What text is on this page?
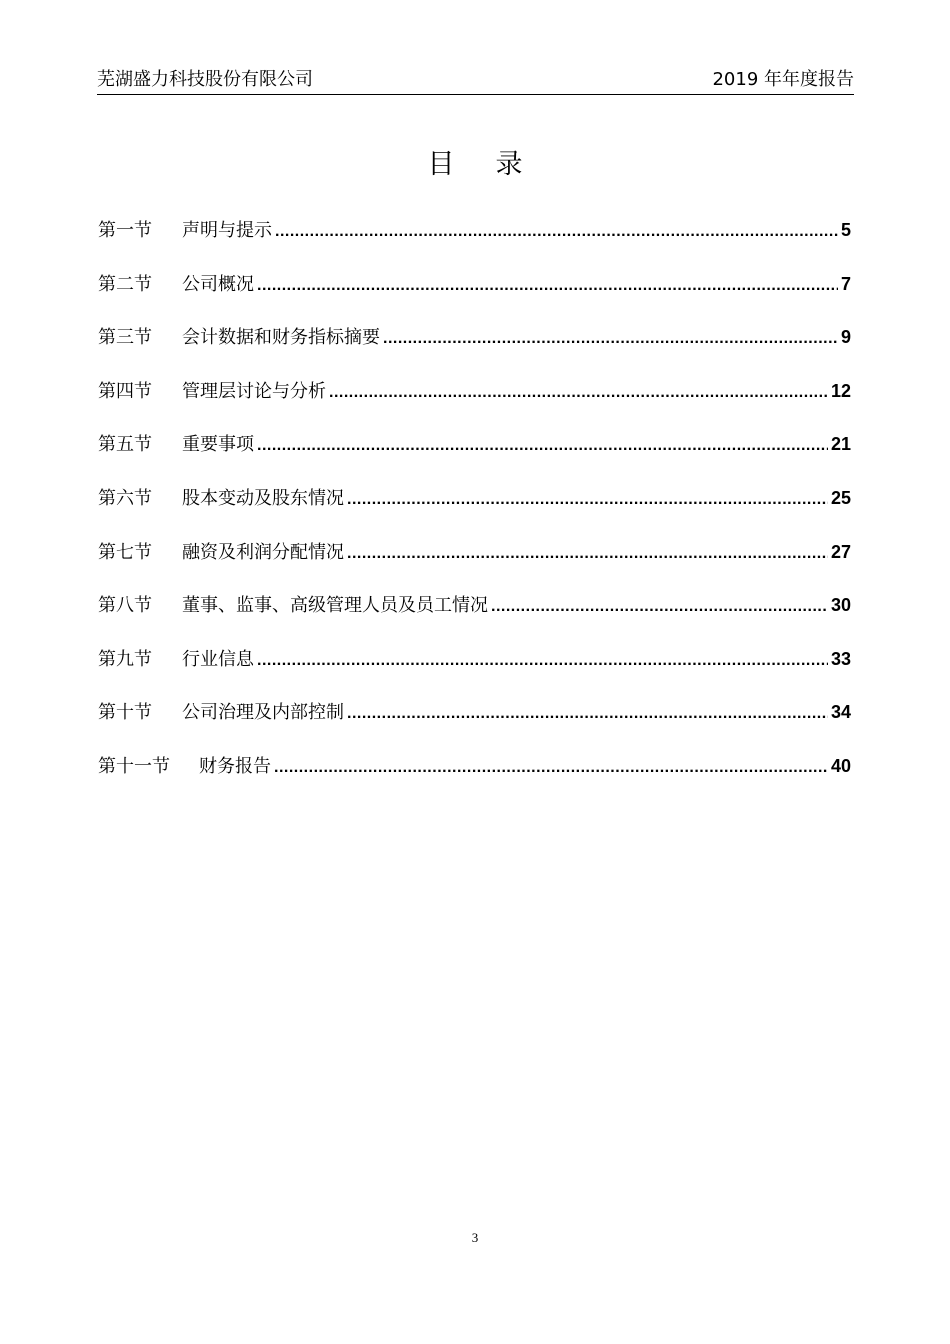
芜湖盛力科技股份有限公司	2019 年年度报告
目 录
第一节	声明与提示 .....	5
第二节	公司概况 .....	7
第三节	会计数据和财务指标摘要 .....	9
第四节	管理层讨论与分析 .....	12
第五节	重要事项 .....	21
第六节	股本变动及股东情况 .....	25
第七节	融资及利润分配情况 .....	27
第八节	董事、监事、高级管理人员及员工情况 .....	30
第九节	行业信息 .....	33
第十节	公司治理及内部控制 .....	34
第十一节	财务报告 .....	40
3
